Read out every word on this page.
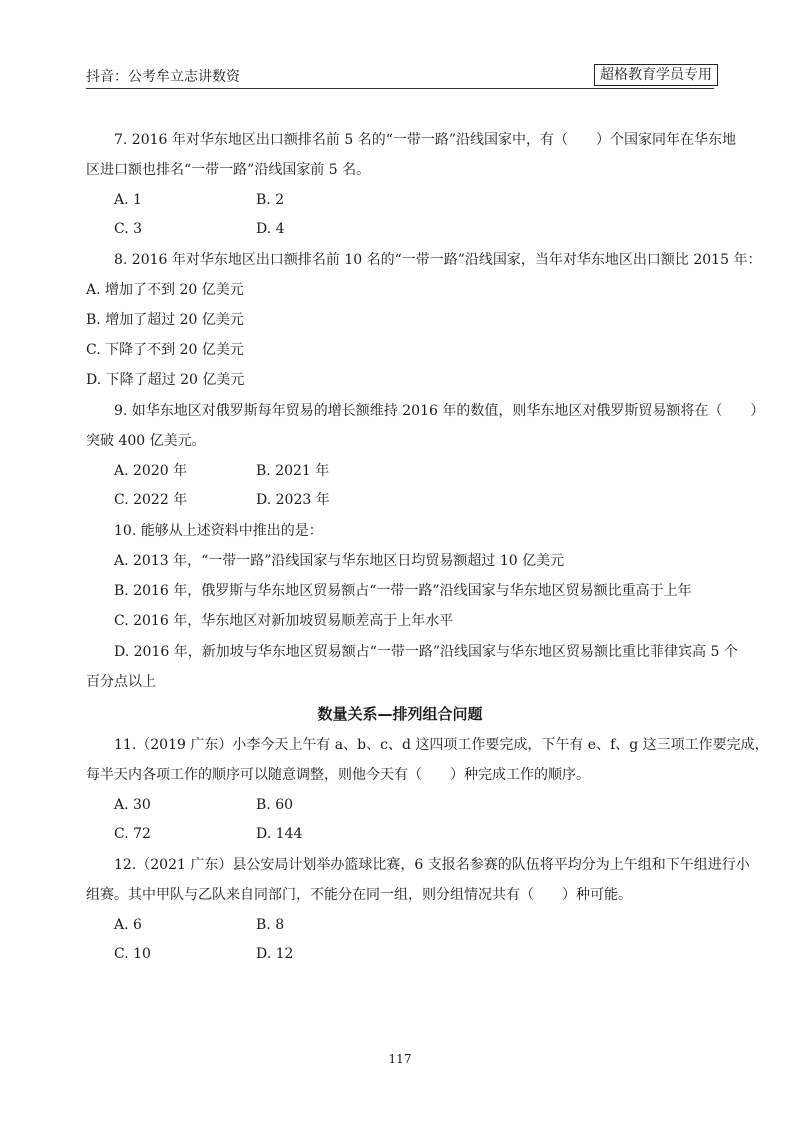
抖音：公考牟立志讲数资	超格教育学员专用
7. 2016 年对华东地区出口额排名前 5 名的“一带一路”沿线国家中，有（　　）个国家同年在华东地
区进口额也排名“一带一路”沿线国家前 5 名。
A. 1	B. 2
C. 3	D. 4
8. 2016 年对华东地区出口额排名前 10 名的“一带一路”沿线国家，当年对华东地区出口额比 2015 年：
A. 增加了不到 20 亿美元
B. 增加了超过 20 亿美元
C. 下降了不到 20 亿美元
D. 下降了超过 20 亿美元
9. 如华东地区对俄罗斯每年贸易的增长额维持 2016 年的数值，则华东地区对俄罗斯贸易额将在（　　）
突破 400 亿美元。
A. 2020 年	B. 2021 年
C. 2022 年	D. 2023 年
10. 能够从上述资料中推出的是：
A. 2013 年，“一带一路”沿线国家与华东地区日均贸易额超过 10 亿美元
B. 2016 年，俄罗斯与华东地区贸易额占“一带一路”沿线国家与华东地区贸易额比重高于上年
C. 2016 年，华东地区对新加坡贸易顺差高于上年水平
D. 2016 年，新加坡与华东地区贸易额占“一带一路”沿线国家与华东地区贸易额比重比菲律宾高 5 个
百分点以上
数量关系—排列组合问题
11.（2019 广东）小李今天上午有 a、b、c、d 这四项工作要完成，下午有 e、f、g 这三项工作要完成，
每半天内各项工作的顺序可以随意调整，则他今天有（　　）种完成工作的顺序。
A. 30	B. 60
C. 72	D. 144
12.（2021 广东）县公安局计划举办篮球比赛，6 支报名参赛的队伍将平均分为上午组和下午组进行小
组赛。其中甲队与乙队来自同部门，不能分在同一组，则分组情况共有（　　）种可能。
A. 6	B. 8
C. 10	D. 12
117
